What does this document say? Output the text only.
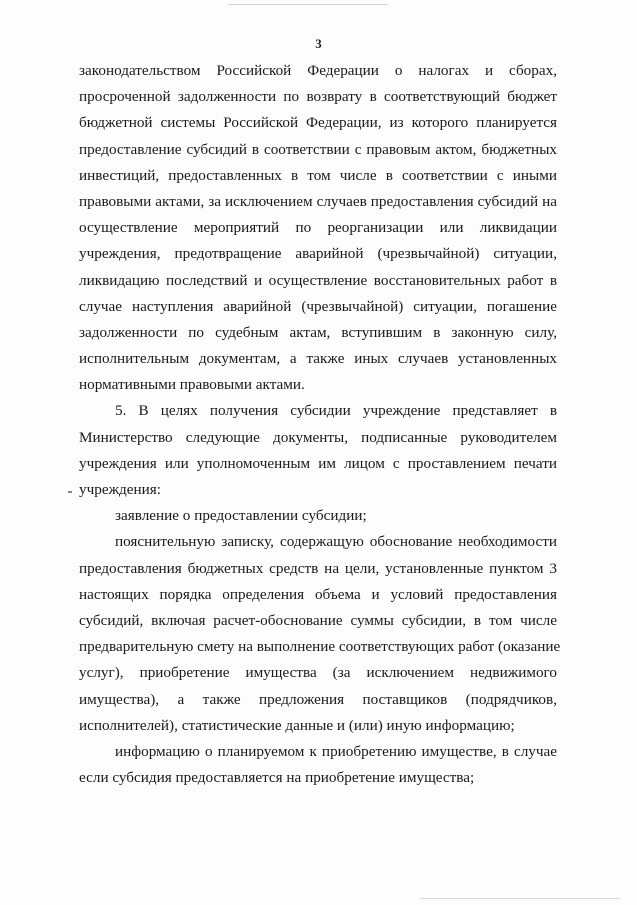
3
законодательством Российской Федерации о налогах и сборах,
просроченной задолженности по возврату в соответствующий бюджет
бюджетной системы Российской Федерации, из которого планируется
предоставление субсидий в соответствии с правовым актом, бюджетных
инвестиций, предоставленных в том числе в соответствии с иными
правовыми актами, за исключением случаев предоставления субсидий на
осуществление мероприятий по реорганизации или ликвидации
учреждения, предотвращение аварийной (чрезвычайной) ситуации,
ликвидацию последствий и осуществление восстановительных работ в
случае наступления аварийной (чрезвычайной) ситуации, погашение
задолженности по судебным актам, вступившим в законную силу,
исполнительным документам, а также иных случаев установленных
нормативными правовыми актами.
5. В целях получения субсидии учреждение представляет в
Министерство следующие документы, подписанные руководителем
учреждения или уполномоченным им лицом с проставлением печати
учреждения:
заявление о предоставлении субсидии;
пояснительную записку, содержащую обоснование необходимости
предоставления бюджетных средств на цели, установленные пунктом 3
настоящих порядка определения объема и условий предоставления
субсидий, включая расчет-обоснование суммы субсидии, в том числе
предварительную смету на выполнение соответствующих работ (оказание
услуг), приобретение имущества (за исключением недвижимого
имущества), а также предложения поставщиков (подрядчиков,
исполнителей), статистические данные и (или) иную информацию;
информацию о планируемом к приобретению имуществе, в случае
если субсидия предоставляется на приобретение имущества;
